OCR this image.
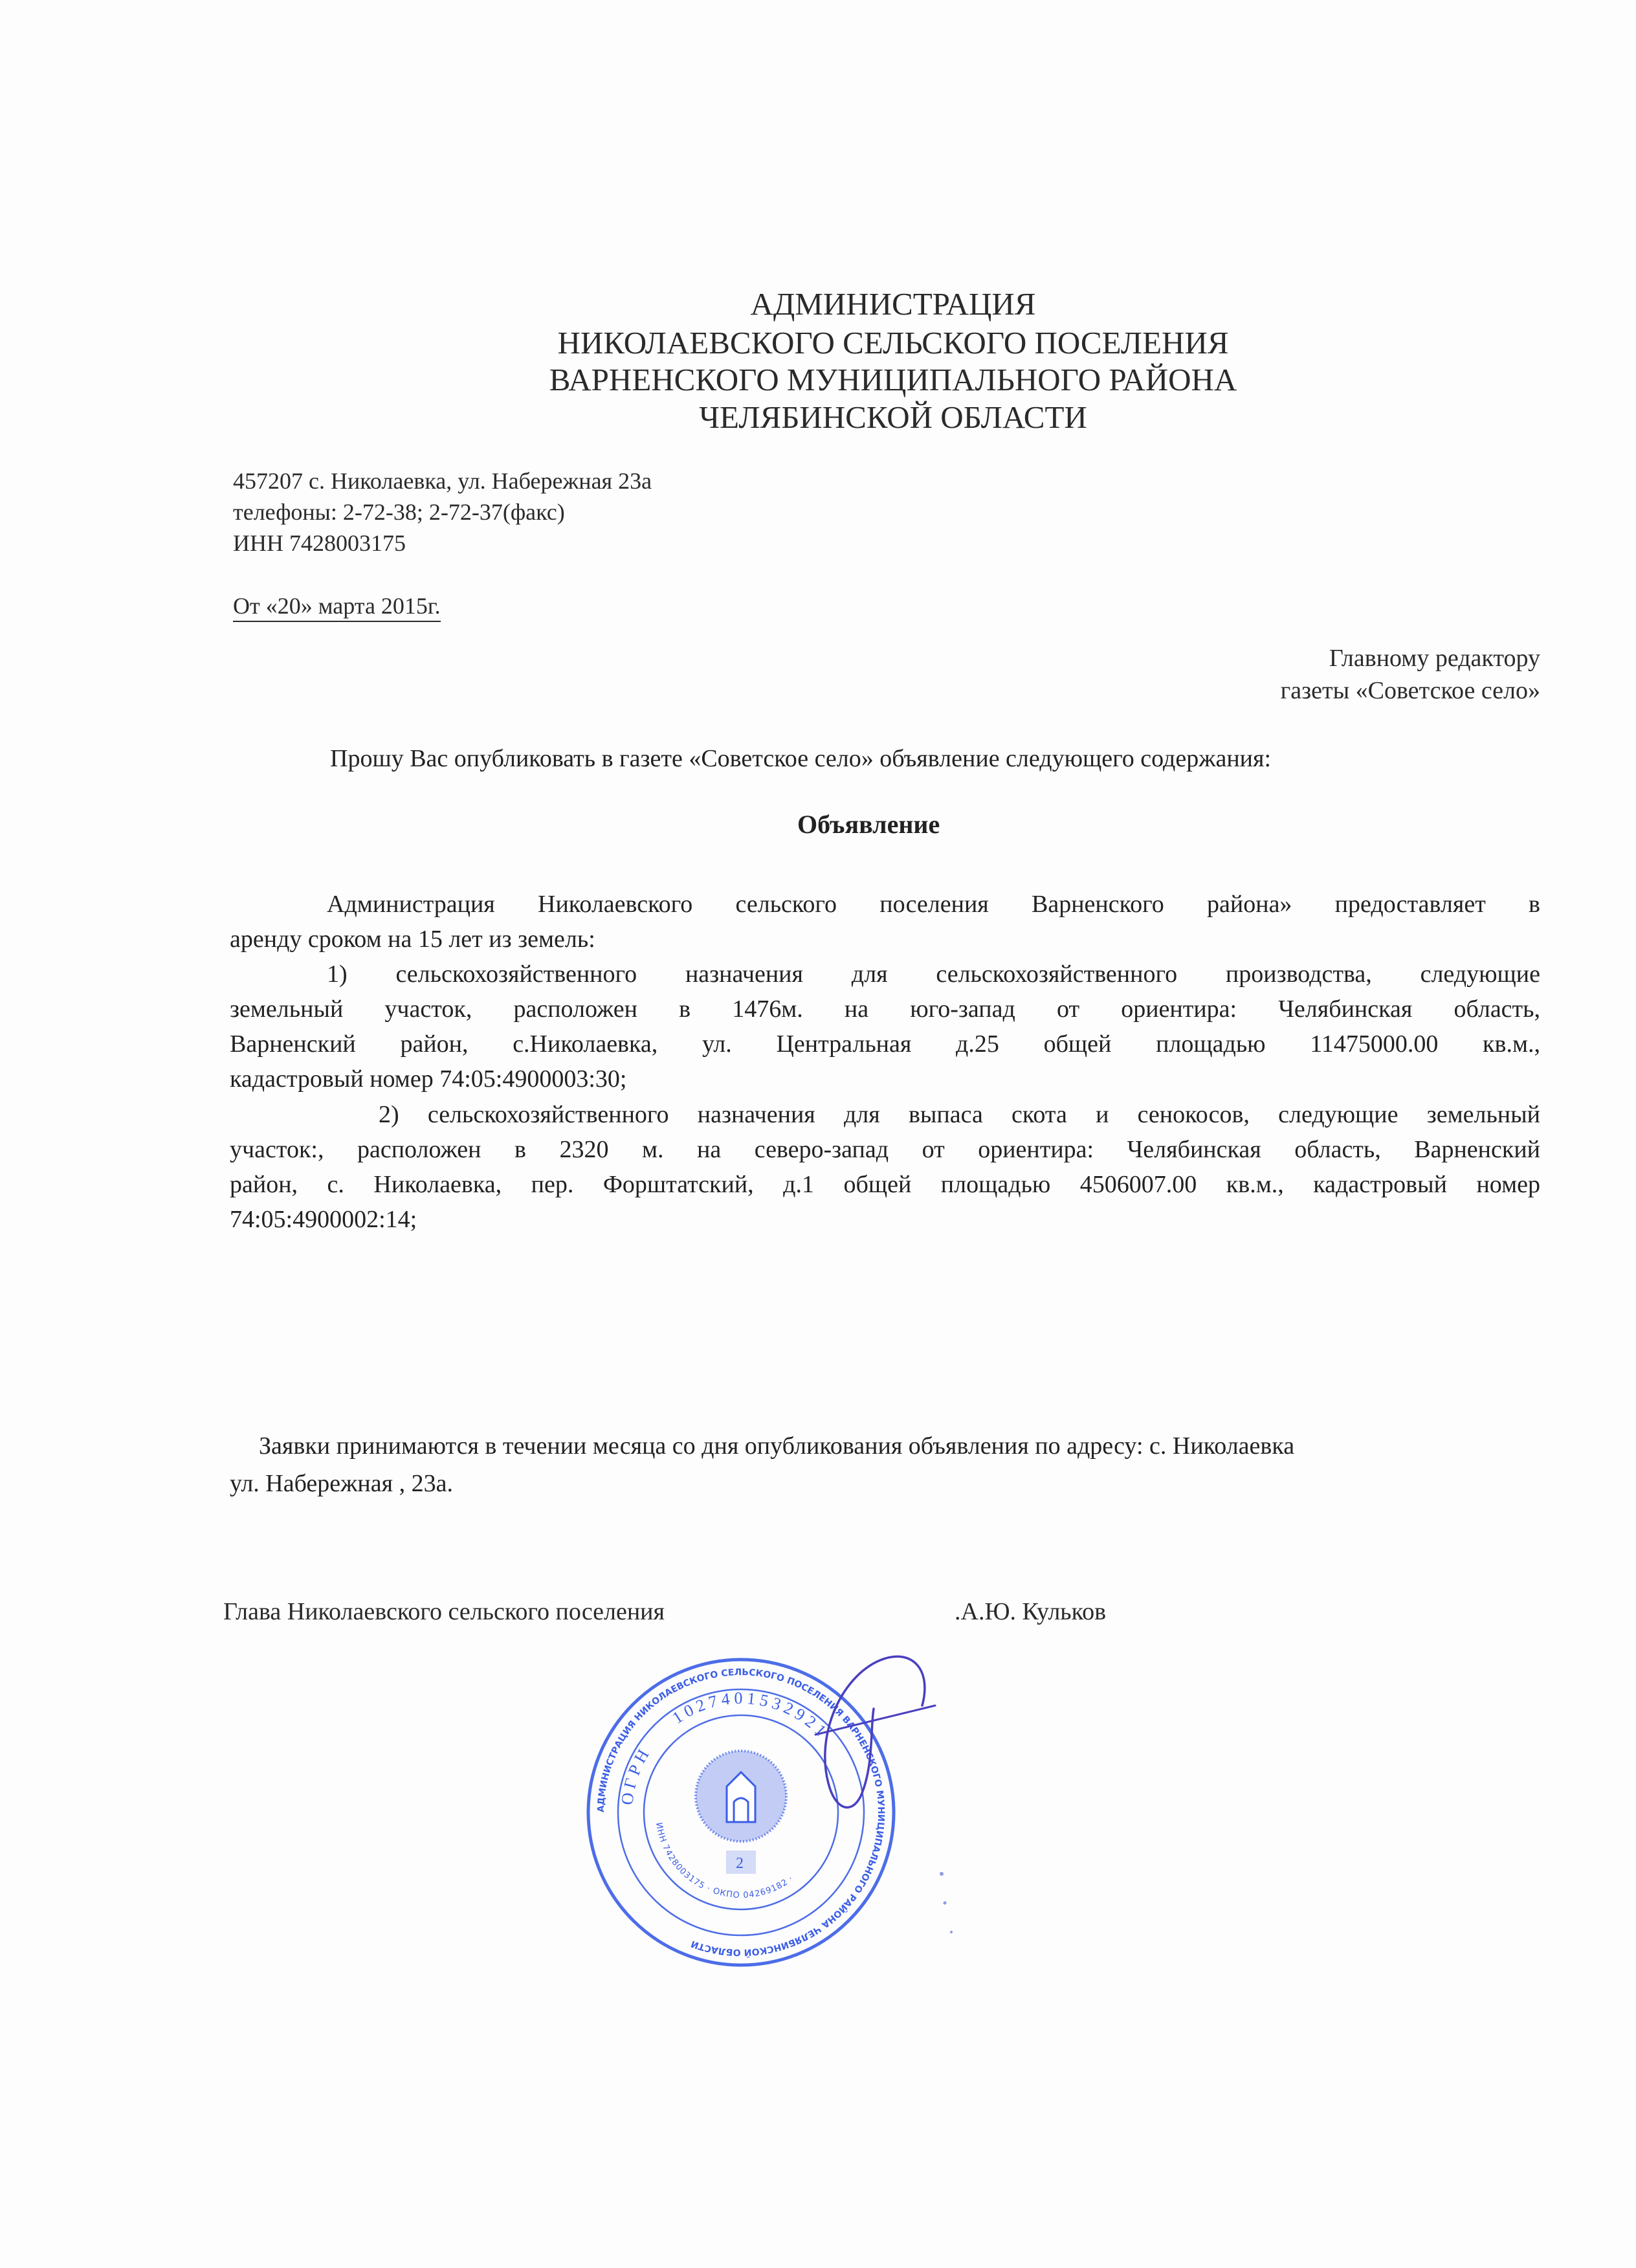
АДМИНИСТРАЦИЯ
НИКОЛАЕВСКОГО СЕЛЬСКОГО ПОСЕЛЕНИЯ
ВАРНЕНСКОГО МУНИЦИПАЛЬНОГО РАЙОНА
ЧЕЛЯБИНСКОЙ ОБЛАСТИ
457207 с. Николаевка, ул. Набережная 23а
телефоны: 2-72-38; 2-72-37(факс)
ИНН 7428003175
От «20» марта 2015г.
Главному редактору
газеты «Советское село»
Прошу Вас опубликовать в газете «Советское село» объявление следующего содержания:
Объявление
Администрация Николаевского сельского поселения Варненского района» предоставляет в
аренду сроком на 15 лет из земель:
1) сельскохозяйственного назначения для сельскохозяйственного производства, следующие
земельный участок, расположен в 1476м. на юго-запад от ориентира: Челябинская область,
Варненский район, с.Николаевка, ул. Центральная д.25 общей площадью 11475000.00 кв.м.,
кадастровый номер 74:05:4900003:30;
2) сельскохозяйственного назначения для выпаса скота и сенокосов, следующие земельный
участок:, расположен в 2320 м. на северо-запад от ориентира: Челябинская область, Варненский
район, с. Николаевка, пер. Форштатский, д.1 общей площадью 4506007.00 кв.м., кадастровый номер
74:05:4900002:14;
Заявки принимаются в течении месяца со дня опубликования объявления по адресу: с. Николаевка
ул. Набережная , 23а.
Глава Николаевского сельского поселения	.А.Ю. Кульков
АДМИНИСТРАЦИЯ НИКОЛАЕВСКОГО СЕЛЬСКОГО ПОСЕЛЕНИЯ ВАРНЕНСКОГО МУНИЦИПАЛЬНОГО РАЙОНА ЧЕЛЯБИНСКОЙ ОБЛАСТИ
ОГРН
1027401532921
ИНН 7428003175 · ОКПО 04269182 ·
2
